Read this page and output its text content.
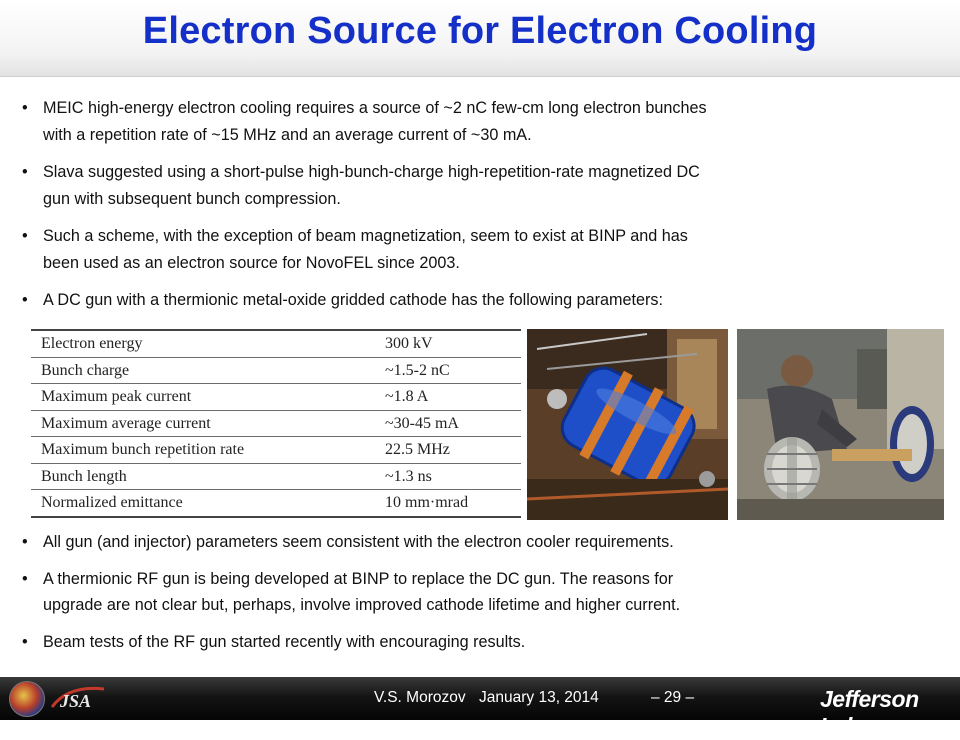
Electron Source for Electron Cooling
• MEIC high-energy electron cooling requires a source of ~2 nC few-cm long electron bunches
with a repetition rate of ~15 MHz and an average current of ~30 mA.
• Slava suggested using a short-pulse high-bunch-charge high-repetition-rate magnetized DC
gun with subsequent bunch compression.
• Such a scheme, with the exception of beam magnetization, seem to exist at BINP and has
been used as an electron source for NovoFEL since 2003.
• A DC gun with a thermionic metal-oxide gridded cathode has the following parameters:
Electron energy	300 kV
Bunch charge	~1.5-2 nC
Maximum peak current	~1.8 A
Maximum average current	~30-45 mA
Maximum bunch repetition rate	22.5 MHz
Bunch length	~1.3 ns
Normalized emittance	10 mm·mrad
• All gun (and injector) parameters seem consistent with the electron cooler requirements.
• A thermionic RF gun is being developed at BINP to replace the DC gun. The reasons for
upgrade are not clear but, perhaps, involve improved cathode lifetime and higher current.
• Beam tests of the RF gun started recently with encouraging results.
V.S. Morozov January 13, 2014	– 29 –
JSA	Jefferson Lab
